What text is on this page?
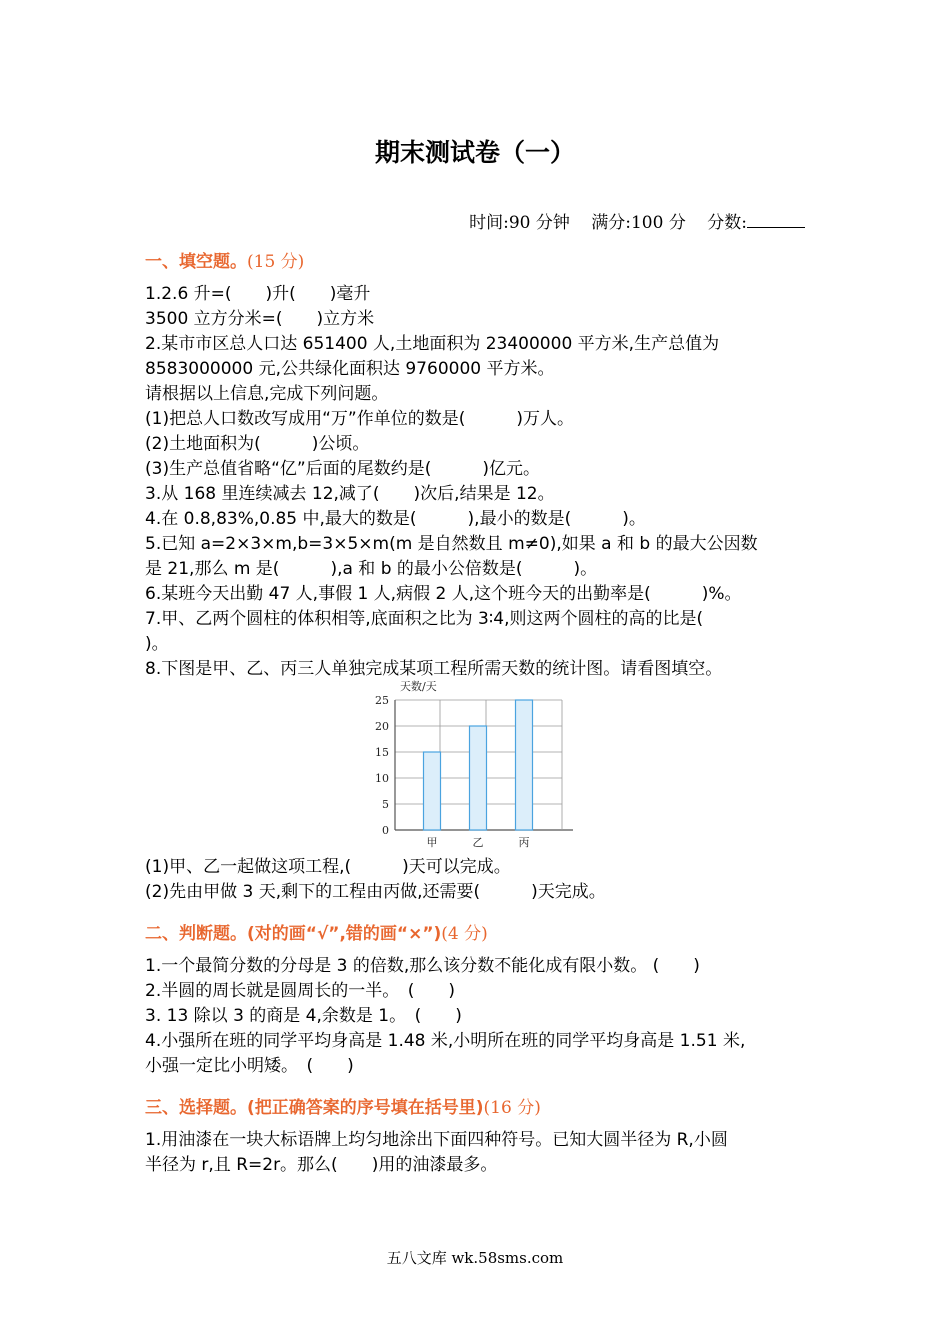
期末测试卷（一）
时间:90 分钟 满分:100 分 分数:
一、填空题。(15 分)
1.2.6 升=(　　)升(　　)毫升
3500 立方分米=(　　)立方米
2.某市市区总人口达 651400 人,土地面积为 23400000 平方米,生产总值为
8583000000 元,公共绿化面积达 9760000 平方米。
请根据以上信息,完成下列问题。
(1)把总人口数改写成用“万”作单位的数是(　　　)万人。
(2)土地面积为(　　　)公顷。
(3)生产总值省略“亿”后面的尾数约是(　　　)亿元。
3.从 168 里连续减去 12,减了(　　)次后,结果是 12。
4.在 0.8,83%,0.85 中,最大的数是(　　　),最小的数是(　　　)。
5.已知 a=2×3×m,b=3×5×m(m 是自然数且 m≠0),如果 a 和 b 的最大公因数
是 21,那么 m 是(　　　),a 和 b 的最小公倍数是(　　　)。
6.某班今天出勤 47 人,事假 1 人,病假 2 人,这个班今天的出勤率是(　　　)%。
7.甲、乙两个圆柱的体积相等,底面积之比为 3∶4,则这两个圆柱的高的比是(
)。
8.下图是甲、乙、丙三人单独完成某项工程所需天数的统计图。请看图填空。
天数/天
0
5
10
15
20
25
甲	乙	丙
(1)甲、乙一起做这项工程,(　　　)天可以完成。
(2)先由甲做 3 天,剩下的工程由丙做,还需要(　　　)天完成。
二、判断题。(对的画“√”,错的画“×”)(4 分)
1.一个最简分数的分母是 3 的倍数,那么该分数不能化成有限小数。 (　　)
2.半圆的周长就是圆周长的一半。　(　　)
3. 13 除以 3 的商是 4,余数是 1。　(　　)
4.小强所在班的同学平均身高是 1.48 米,小明所在班的同学平均身高是 1.51 米,
小强一定比小明矮。　(　　)
三、选择题。(把正确答案的序号填在括号里)(16 分)
1.用油漆在一块大标语牌上均匀地涂出下面四种符号。已知大圆半径为 R,小圆
半径为 r,且 R=2r。那么(　　)用的油漆最多。
五八文库 wk.58sms.com
